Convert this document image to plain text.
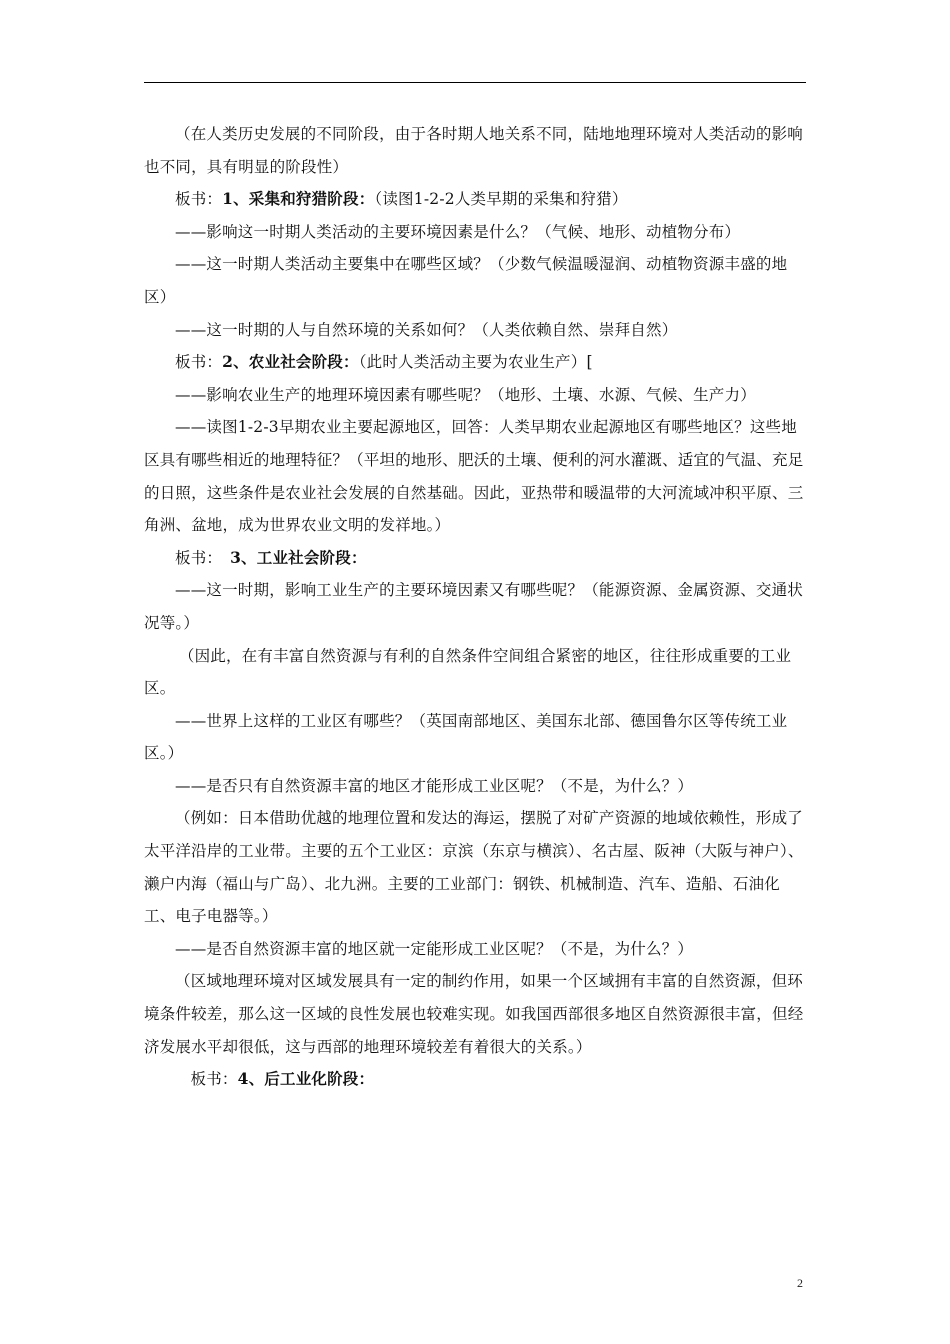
（在人类历史发展的不同阶段，由于各时期人地关系不同，陆地地理环境对人类活动的影响也不同，具有明显的阶段性）

板书：1、采集和狩猎阶段：（读图1-2-2人类早期的采集和狩猎）

——影响这一时期人类活动的主要环境因素是什么？（气候、地形、动植物分布）

——这一时期人类活动主要集中在哪些区域？（少数气候温暖湿润、动植物资源丰盛的地区）

——这一时期的人与自然环境的关系如何？（人类依赖自然、崇拜自然）

板书：2、农业社会阶段：（此时人类活动主要为农业生产）[

——影响农业生产的地理环境因素有哪些呢？（地形、土壤、水源、气候、生产力）

——读图1-2-3早期农业主要起源地区，回答：人类早期农业起源地区有哪些地区？这些地区具有哪些相近的地理特征？（平坦的地形、肥沃的土壤、便利的河水灌溉、适宜的气温、充足的日照，这些条件是农业社会发展的自然基础。因此，亚热带和暖温带的大河流域冲积平原、三角洲、盆地，成为世界农业文明的发祥地。）

板书：　3、工业社会阶段：

——这一时期，影响工业生产的主要环境因素又有哪些呢？（能源资源、金属资源、交通状况等。）

（因此，在有丰富自然资源与有利的自然条件空间组合紧密的地区，往往形成重要的工业区。

——世界上这样的工业区有哪些？（英国南部地区、美国东北部、德国鲁尔区等传统工业区。）

——是否只有自然资源丰富的地区才能形成工业区呢？（不是，为什么？）

（例如：日本借助优越的地理位置和发达的海运，摆脱了对矿产资源的地域依赖性，形成了太平洋沿岸的工业带。主要的五个工业区：京滨（东京与横滨）、名古屋、阪神（大阪与神户）、濑户内海（福山与广岛）、北九洲。主要的工业部门：钢铁、机械制造、汽车、造船、石油化工、电子电器等。）

——是否自然资源丰富的地区就一定能形成工业区呢？（不是，为什么？）

（区域地理环境对区域发展具有一定的制约作用，如果一个区域拥有丰富的自然资源，但环境条件较差，那么这一区域的良性发展也较难实现。如我国西部很多地区自然资源很丰富，但经济发展水平却很低，这与西部的地理环境较差有着很大的关系。）

板书：4、后工业化阶段：

2
